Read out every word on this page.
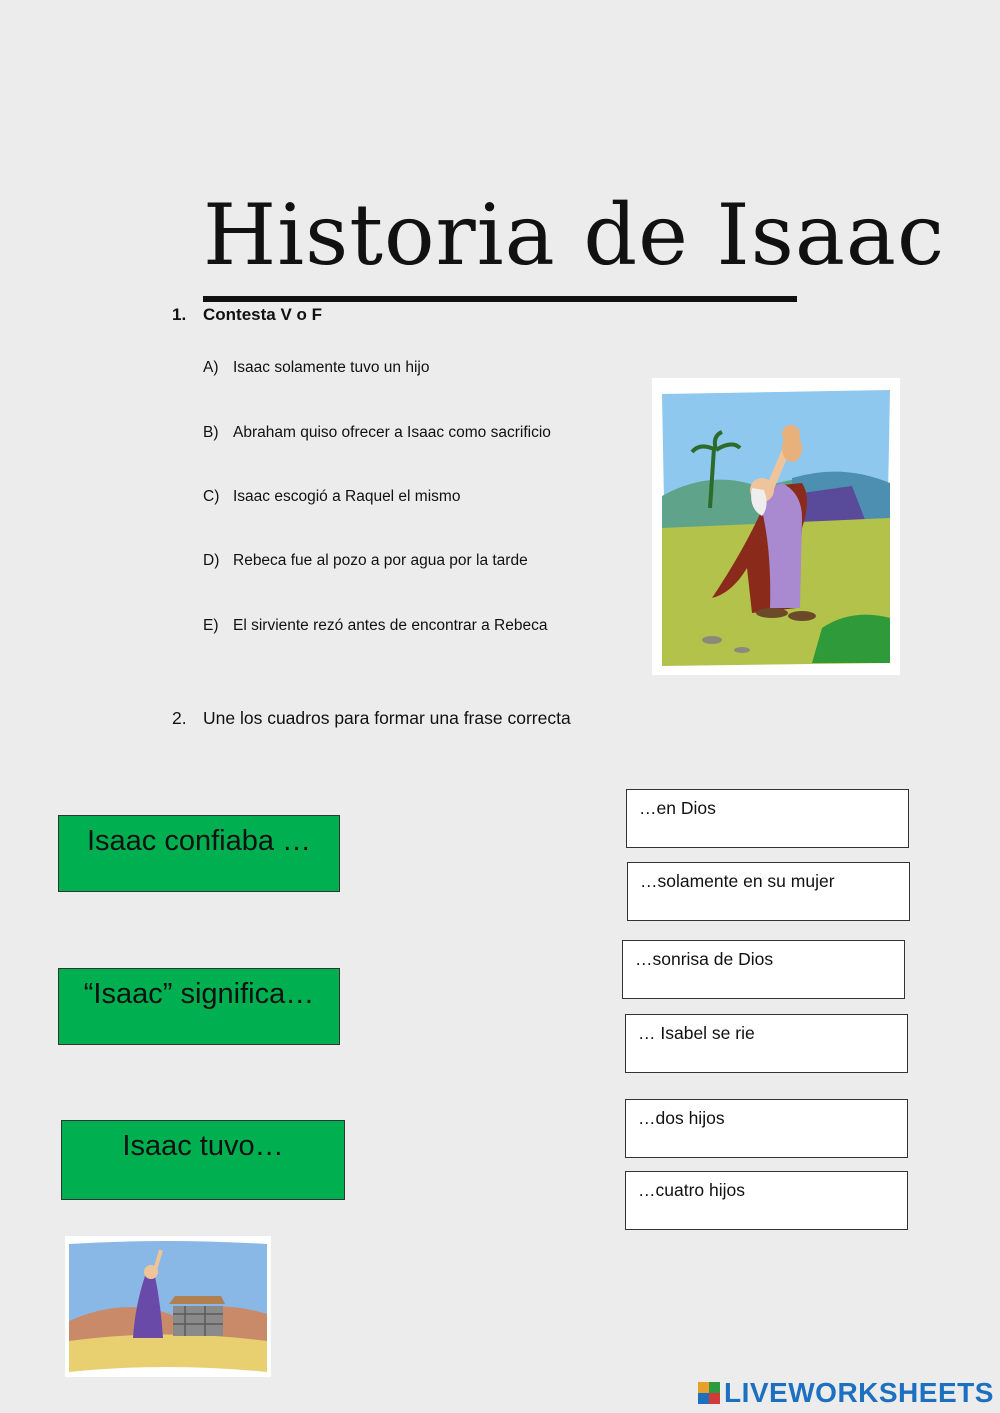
Historia de Isaac
1. Contesta V o F
A) Isaac solamente tuvo un hijo
B) Abraham quiso ofrecer a Isaac como sacrificio
C) Isaac escogió a Raquel el mismo
D) Rebeca fue al pozo a por agua por la tarde
E) El sirviente rezó antes de encontrar a Rebeca
2. Une los cuadros para formar una frase correcta
Isaac confiaba …
“Isaac” significa…
Isaac tuvo…
…en Dios
…solamente en su mujer
…sonrisa de Dios
… Isabel se rie
…dos hijos
…cuatro hijos
LIVEWORKSHEETS
